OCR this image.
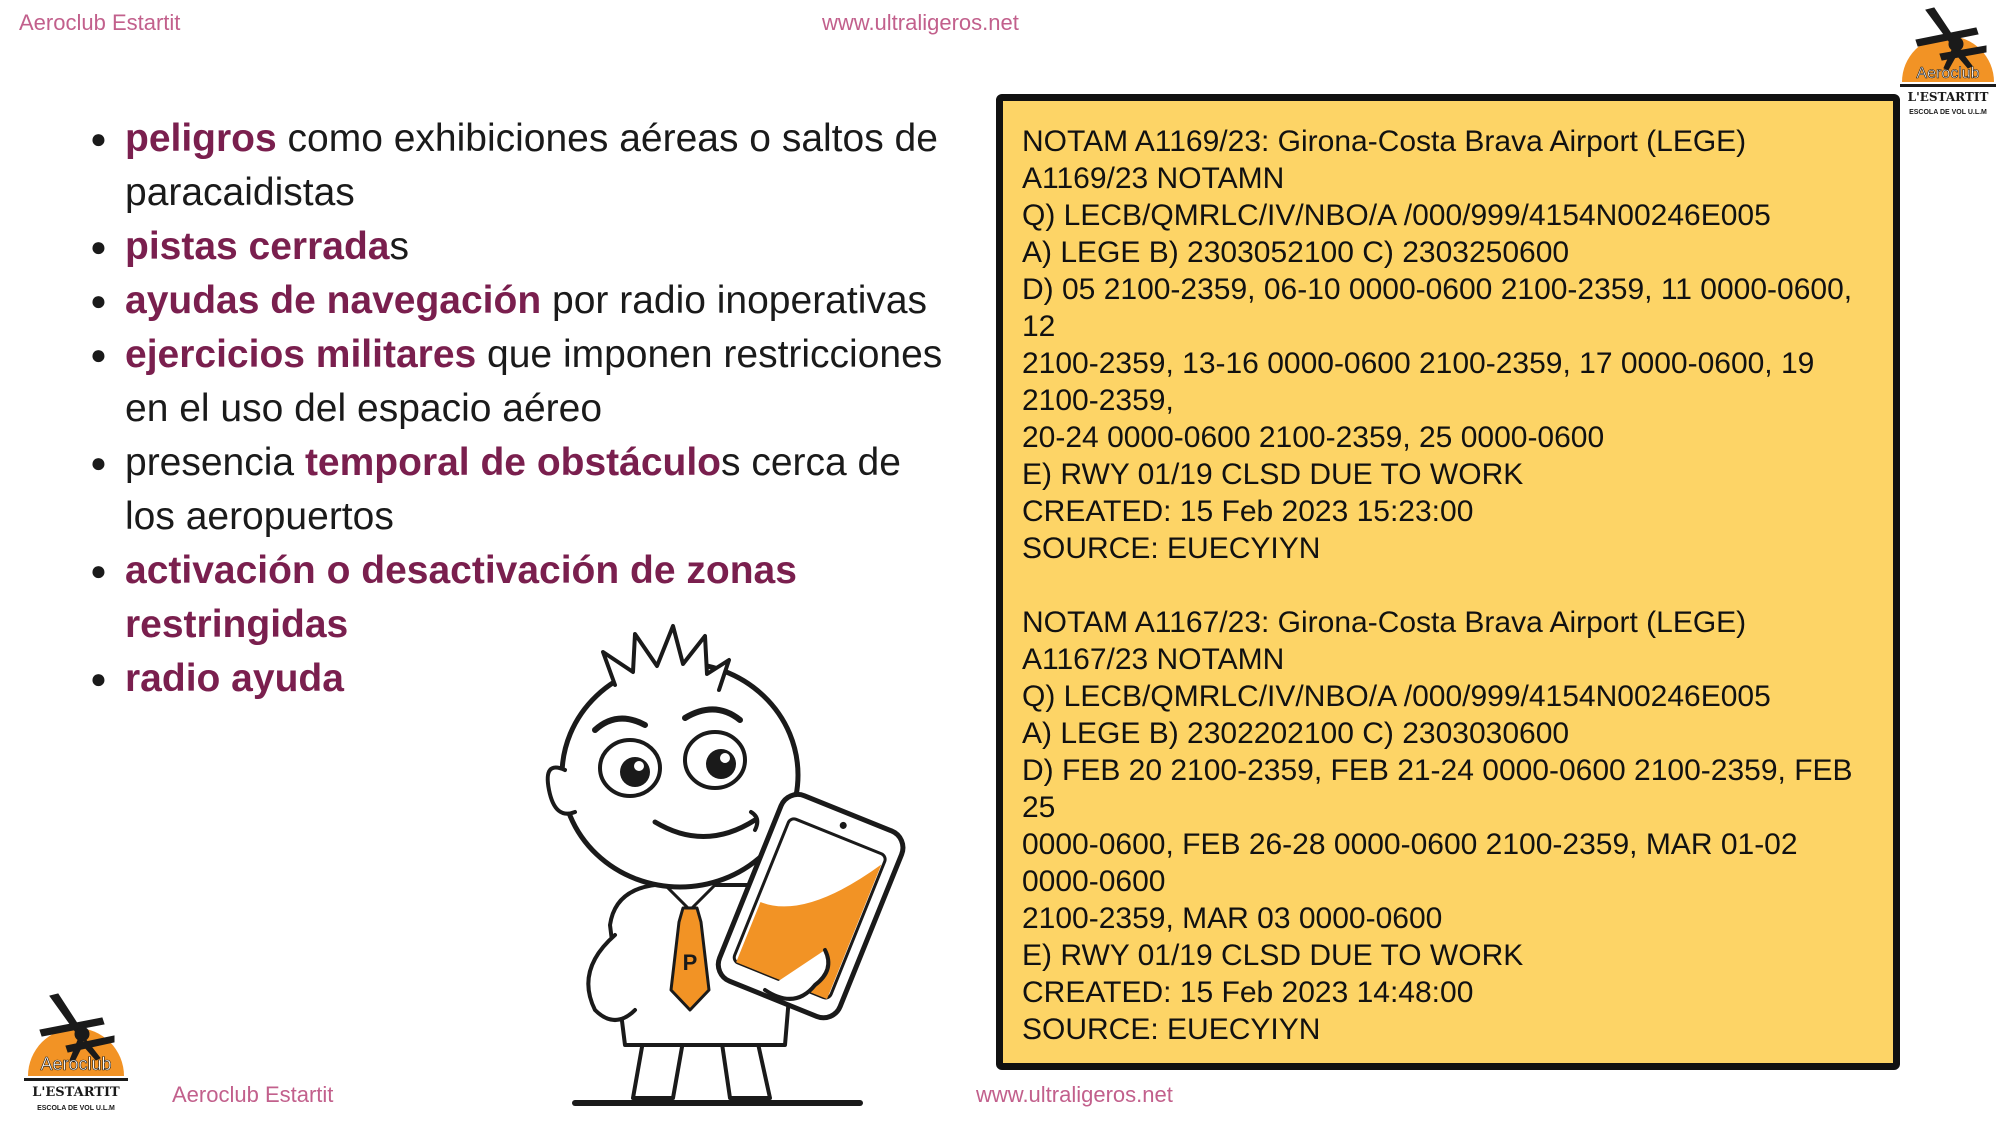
Aeroclub Estartit	www.ultraligeros.net
● peligros como exhibiciones aéreas o saltos de paracaidistas
● pistas cerradas
● ayudas de navegación por radio inoperativas
● ejercicios militares que imponen restricciones en el uso del espacio aéreo
● presencia temporal de obstáculos cerca de los aeropuertos
● activación o desactivación de zonas restringidas
● radio ayuda
NOTAM A1169/23: Girona-Costa Brava Airport (LEGE)
A1169/23 NOTAMN
Q) LECB/QMRLC/IV/NBO/A /000/999/4154N00246E005
A) LEGE B) 2303052100 C) 2303250600
D) 05 2100-2359, 06-10 0000-0600 2100-2359, 11 0000-0600,
12
2100-2359, 13-16 0000-0600 2100-2359, 17 0000-0600, 19
2100-2359,
20-24 0000-0600 2100-2359, 25 0000-0600
E) RWY 01/19 CLSD DUE TO WORK
CREATED: 15 Feb 2023 15:23:00
SOURCE: EUECYIYN
NOTAM A1167/23: Girona-Costa Brava Airport (LEGE)
A1167/23 NOTAMN
Q) LECB/QMRLC/IV/NBO/A /000/999/4154N00246E005
A) LEGE B) 2302202100 C) 2303030600
D) FEB 20 2100-2359, FEB 21-24 0000-0600 2100-2359, FEB
25
0000-0600, FEB 26-28 0000-0600 2100-2359, MAR 01-02
0000-0600
2100-2359, MAR 03 0000-0600
E) RWY 01/19 CLSD DUE TO WORK
CREATED: 15 Feb 2023 14:48:00
SOURCE: EUECYIYN
Aeroclub
L'ESTARTIT
ESCOLA DE VOL U.L.M
Aeroclub
L'ESTARTIT
ESCOLA DE VOL U.L.M
P
Aeroclub Estartit	www.ultraligeros.net
